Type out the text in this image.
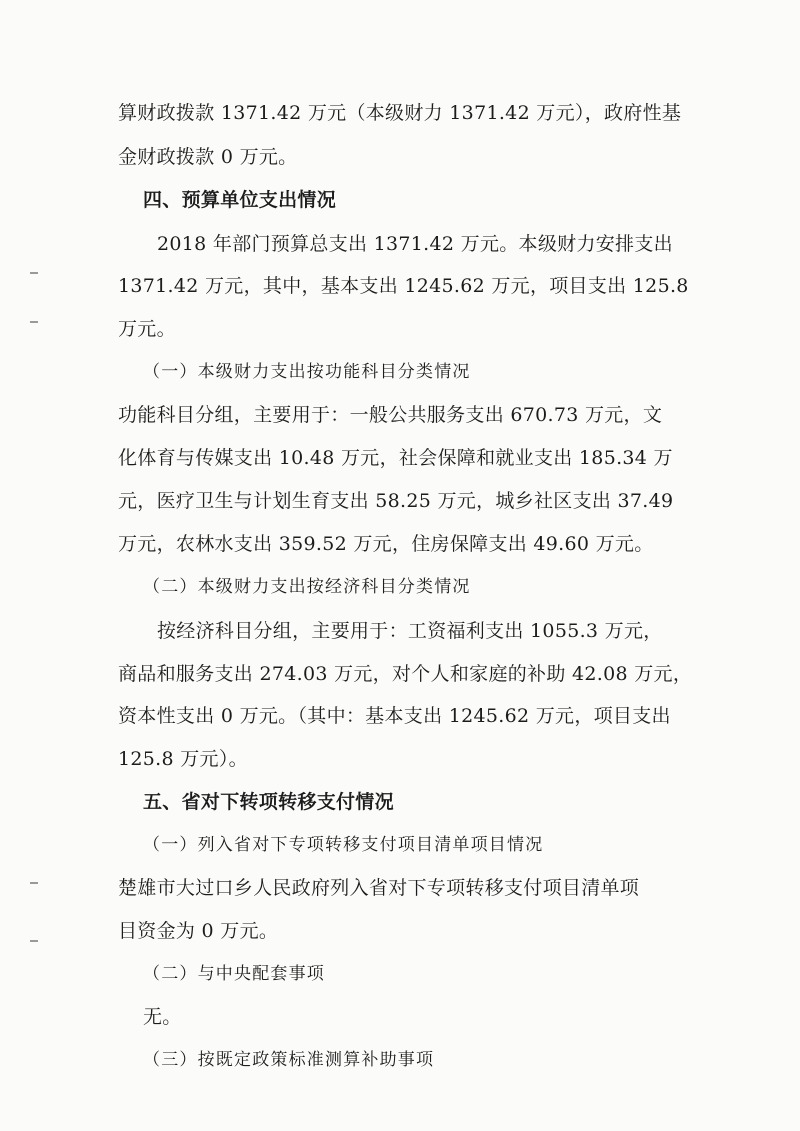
算财政拨款 1371.42 万元（本级财力 1371.42 万元），政府性基
金财政拨款 0 万元。
四、预算单位支出情况
2018 年部门预算总支出 1371.42 万元。本级财力安排支出
1371.42 万元，其中，基本支出 1245.62 万元，项目支出 125.8
万元。
（一）本级财力支出按功能科目分类情况
功能科目分组，主要用于：一般公共服务支出 670.73 万元，文
化体育与传媒支出 10.48 万元，社会保障和就业支出 185.34 万
元，医疗卫生与计划生育支出 58.25 万元，城乡社区支出 37.49
万元，农林水支出 359.52 万元，住房保障支出 49.60 万元。
（二）本级财力支出按经济科目分类情况
按经济科目分组，主要用于：工资福利支出 1055.3 万元，
商品和服务支出 274.03 万元，对个人和家庭的补助 42.08 万元，
资本性支出 0 万元。（其中：基本支出 1245.62 万元，项目支出
125.8 万元）。
五、省对下转项转移支付情况
（一）列入省对下专项转移支付项目清单项目情况
楚雄市大过口乡人民政府列入省对下专项转移支付项目清单项
目资金为 0 万元。
（二）与中央配套事项
无。
（三）按既定政策标准测算补助事项
